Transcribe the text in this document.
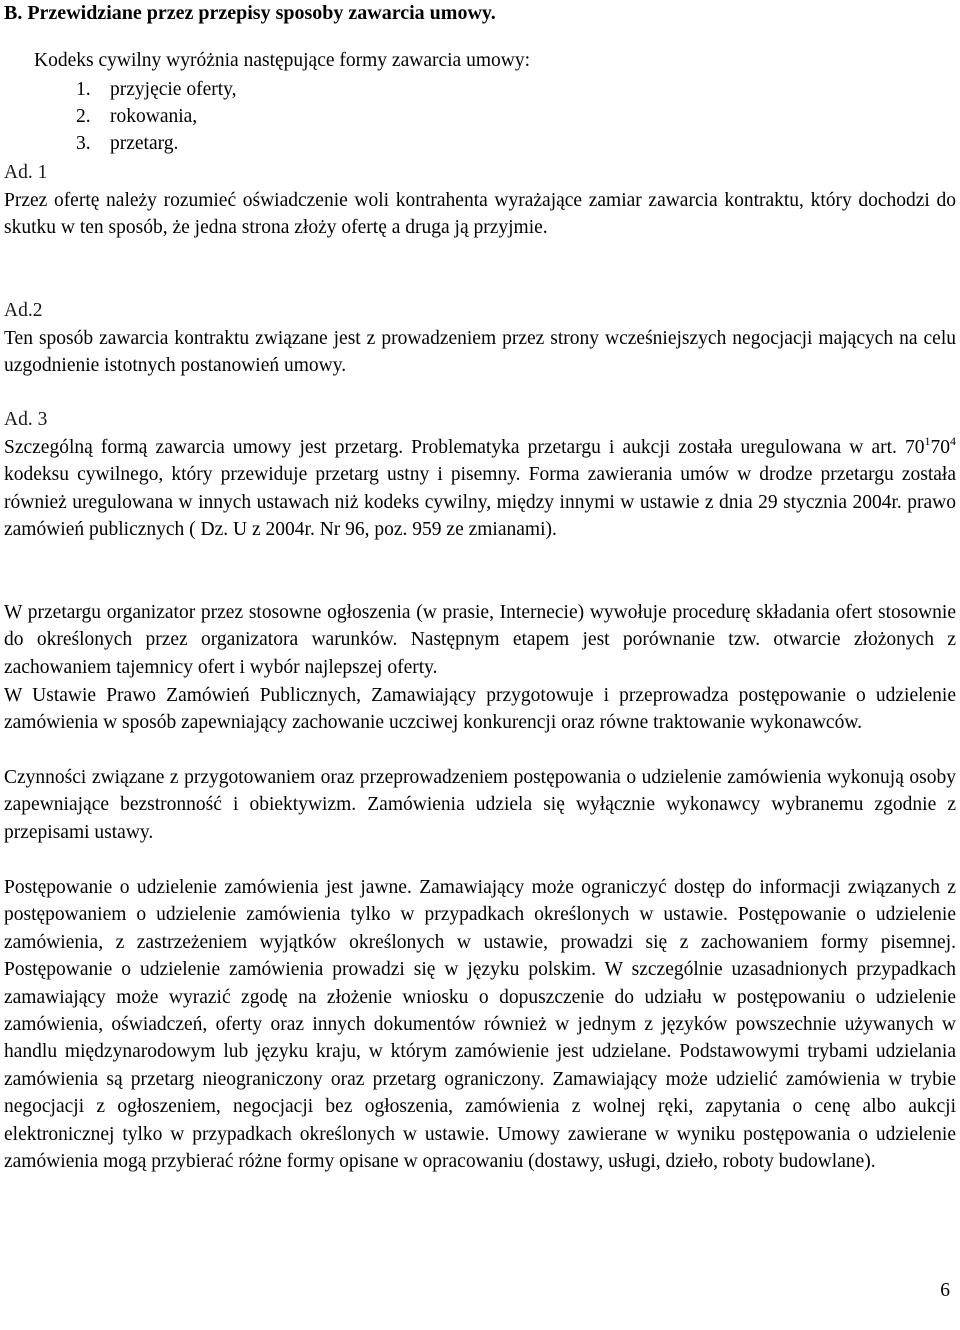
B. Przewidziane przez przepisy sposoby zawarcia umowy.
Kodeks cywilny wyróżnia następujące formy zawarcia umowy:
1. przyjęcie oferty,
2. rokowania,
3. przetarg.
Ad. 1
Przez ofertę należy rozumieć oświadczenie woli kontrahenta wyrażające zamiar zawarcia kontraktu, który dochodzi do skutku w ten sposób, że jedna strona złoży ofertę a druga ją przyjmie.
Ad.2
Ten sposób zawarcia kontraktu związane jest z prowadzeniem przez strony wcześniejszych negocjacji mających na celu uzgodnienie istotnych postanowień umowy.
Ad. 3
Szczególną formą zawarcia umowy jest przetarg. Problematyka przetargu i aukcji została uregulowana w art. $70^170^4$ kodeksu cywilnego, który przewiduje przetarg ustny i pisemny. Forma zawierania umów w drodze przetargu została również uregulowana w innych ustawach niż kodeks cywilny, między innymi w ustawie z dnia 29 stycznia 2004r. prawo zamówień publicznych ( Dz. U z 2004r. Nr 96, poz. 959 ze zmianami).
W przetargu organizator przez stosowne ogłoszenia (w prasie, Internecie) wywołuje procedurę składania ofert stosownie do określonych przez organizatora warunków. Następnym etapem jest porównanie tzw. otwarcie złożonych z zachowaniem tajemnicy ofert i wybór najlepszej oferty.
W Ustawie Prawo Zamówień Publicznych, Zamawiający przygotowuje i przeprowadza postępowanie o udzielenie zamówienia w sposób zapewniający zachowanie uczciwej konkurencji oraz równe traktowanie wykonawców.
Czynności związane z przygotowaniem oraz przeprowadzeniem postępowania o udzielenie zamówienia wykonują osoby zapewniające bezstronność i obiektywizm. Zamówienia udziela się wyłącznie wykonawcy wybranemu zgodnie z przepisami ustawy.
Postępowanie o udzielenie zamówienia jest jawne. Zamawiający może ograniczyć dostęp do informacji związanych z postępowaniem o udzielenie zamówienia tylko w przypadkach określonych w ustawie. Postępowanie o udzielenie zamówienia, z zastrzeżeniem wyjątków określonych w ustawie, prowadzi się z zachowaniem formy pisemnej. Postępowanie o udzielenie zamówienia prowadzi się w języku polskim. W szczególnie uzasadnionych przypadkach zamawiający może wyrazić zgodę na złożenie wniosku o dopuszczenie do udziału w postępowaniu o udzielenie zamówienia, oświadczeń, oferty oraz innych dokumentów również w jednym z języków powszechnie używanych w handlu międzynarodowym lub języku kraju, w którym zamówienie jest udzielane. Podstawowymi trybami udzielania zamówienia są przetarg nieograniczony oraz przetarg ograniczony. Zamawiający może udzielić zamówienia w trybie negocjacji z ogłoszeniem, negocjacji bez ogłoszenia, zamówienia z wolnej ręki, zapytania o cenę albo aukcji elektronicznej tylko w przypadkach określonych w ustawie. Umowy zawierane w wyniku postępowania o udzielenie zamówienia mogą przybierać różne formy opisane w opracowaniu (dostawy, usługi, dzieło, roboty budowlane).
6
